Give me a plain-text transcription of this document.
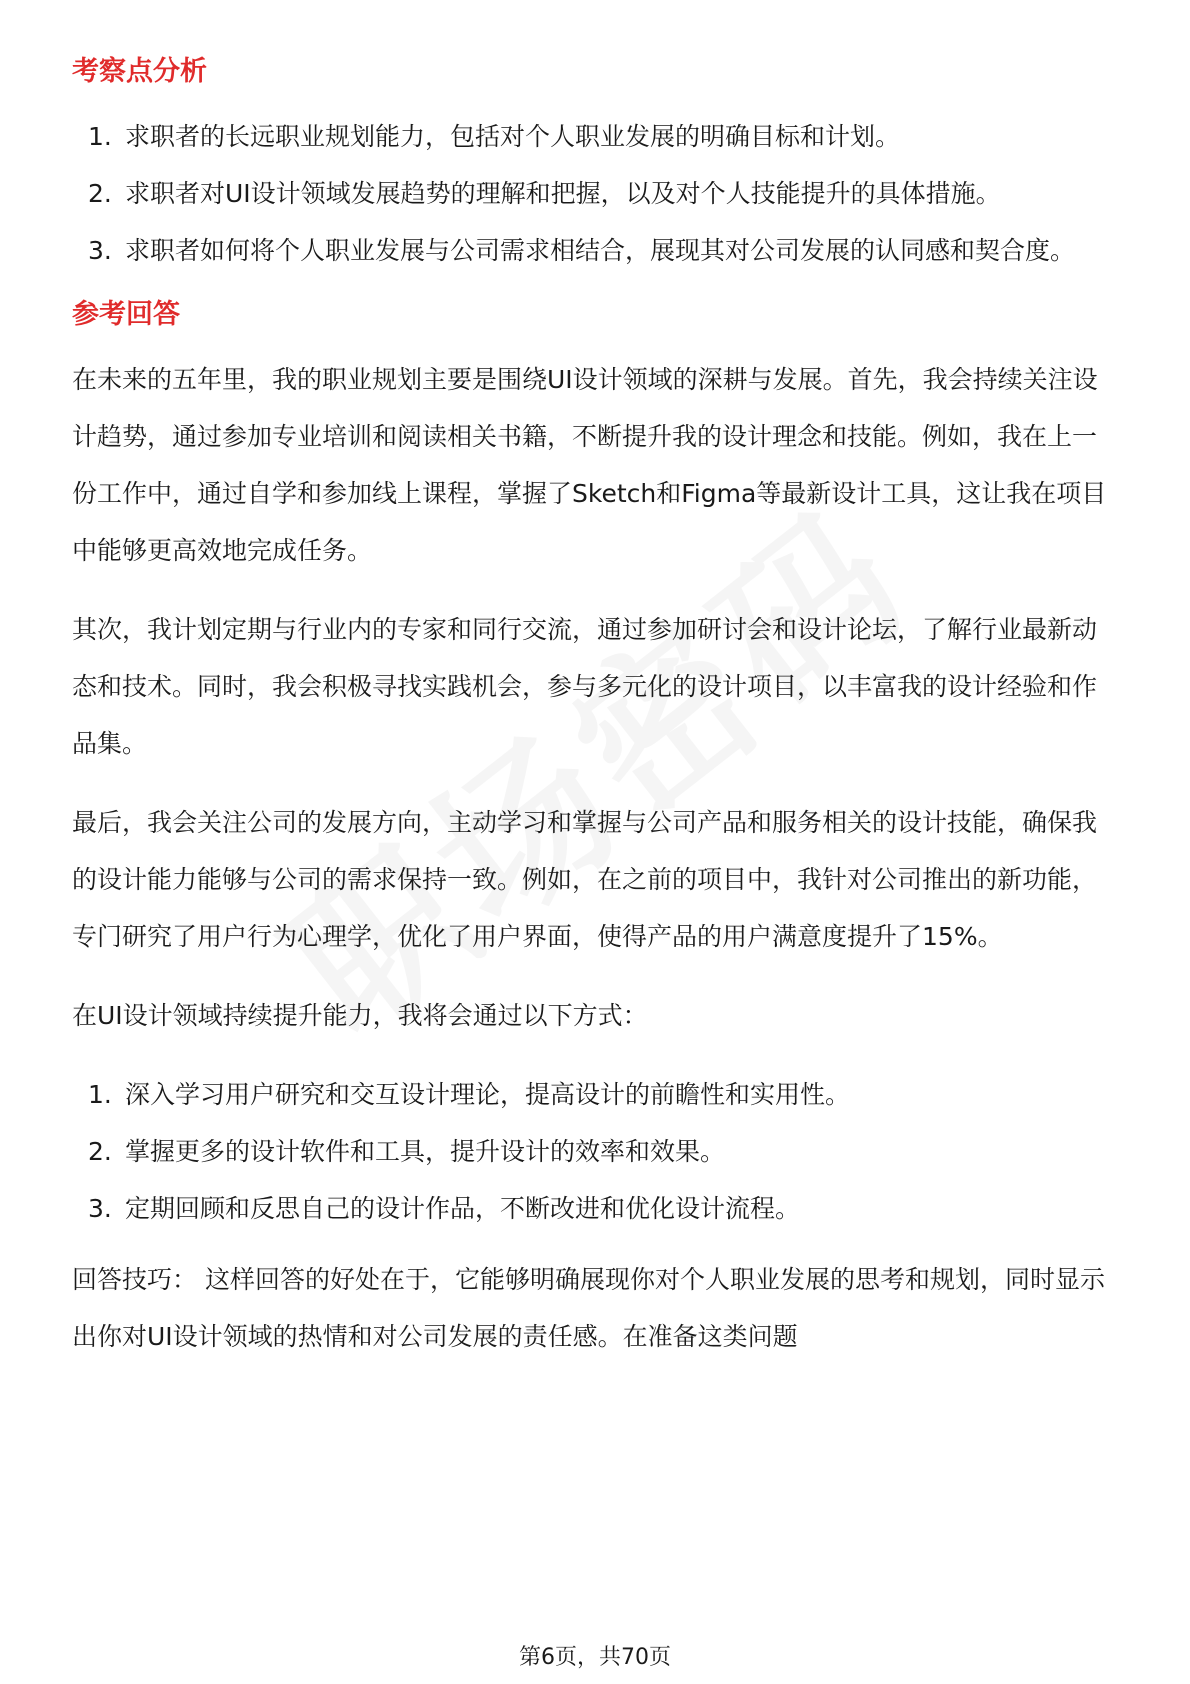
考察点分析
1. 求职者的长远职业规划能力，包括对个人职业发展的明确目标和计划。
2. 求职者对UI设计领域发展趋势的理解和把握，以及对个人技能提升的具体措施。
3. 求职者如何将个人职业发展与公司需求相结合，展现其对公司发展的认同感和契合度。
参考回答

在未来的五年里，我的职业规划主要是围绕UI设计领域的深耕与发展。首先，我会持续关注设计趋势，通过参加专业培训和阅读相关书籍，不断提升我的设计理念和技能。例如，我在上一份工作中，通过自学和参加线上课程，掌握了Sketch和Figma等最新设计工具，这让我在项目中能够更高效地完成任务。

其次，我计划定期与行业内的专家和同行交流，通过参加研讨会和设计论坛，了解行业最新动态和技术。同时，我会积极寻找实践机会，参与多元化的设计项目，以丰富我的设计经验和作品集。

最后，我会关注公司的发展方向，主动学习和掌握与公司产品和服务相关的设计技能，确保我的设计能力能够与公司的需求保持一致。例如，在之前的项目中，我针对公司推出的新功能，专门研究了用户行为心理学，优化了用户界面，使得产品的用户满意度提升了15%。

在UI设计领域持续提升能力，我将会通过以下方式：

1. 深入学习用户研究和交互设计理论，提高设计的前瞻性和实用性。
2. 掌握更多的设计软件和工具，提升设计的效率和效果。
3. 定期回顾和反思自己的设计作品，不断改进和优化设计流程。

回答技巧： 这样回答的好处在于，它能够明确展现你对个人职业发展的思考和规划，同时显示出你对UI设计领域的热情和对公司发展的责任感。在准备这类问题

第6页，共70页
